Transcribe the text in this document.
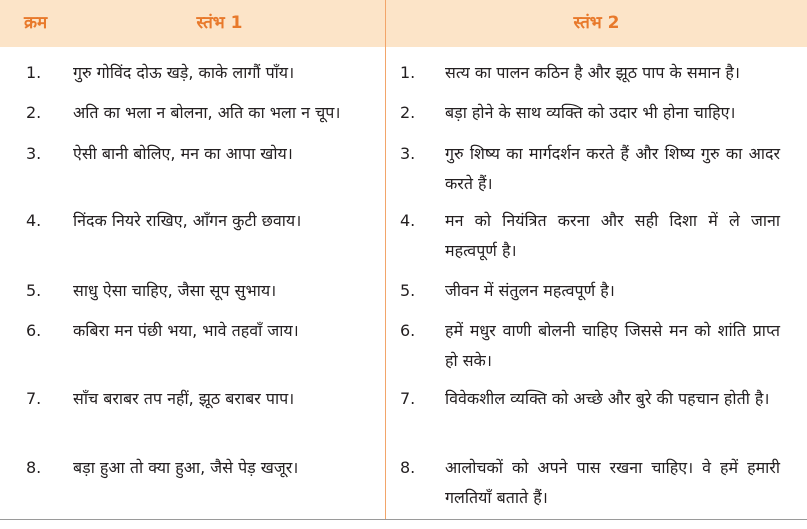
क्रम	स्तंभ 1	स्तंभ 2
1. गुरु गोविंद दोऊ खड़े, काके लागौं पाँय।	1. सत्य का पालन कठिन है और झूठ पाप के समान है।
2. अति का भला न बोलना, अति का भला न चूप।	2. बड़ा होने के साथ व्यक्ति को उदार भी होना चाहिए।
3. ऐसी बानी बोलिए, मन का आपा खोय।	3. गुरु शिष्य का मार्गदर्शन करते हैं और शिष्य गुरु का आदर करते हैं।
4. निंदक नियरे राखिए, आँगन कुटी छवाय।	4. मन को नियंत्रित करना और सही दिशा में ले जाना महत्वपूर्ण है।
5. साधु ऐसा चाहिए, जैसा सूप सुभाय।	5. जीवन में संतुलन महत्वपूर्ण है।
6. कबिरा मन पंछी भया, भावे तहवाँ जाय।	6. हमें मधुर वाणी बोलनी चाहिए जिससे मन को शांति प्राप्त हो सके।
7. साँच बराबर तप नहीं, झूठ बराबर पाप।	7. विवेकशील व्यक्ति को अच्छे और बुरे की पहचान होती है।
8. बड़ा हुआ तो क्या हुआ, जैसे पेड़ खजूर।	8. आलोचकों को अपने पास रखना चाहिए। वे हमें हमारी गलतियाँ बताते हैं।
